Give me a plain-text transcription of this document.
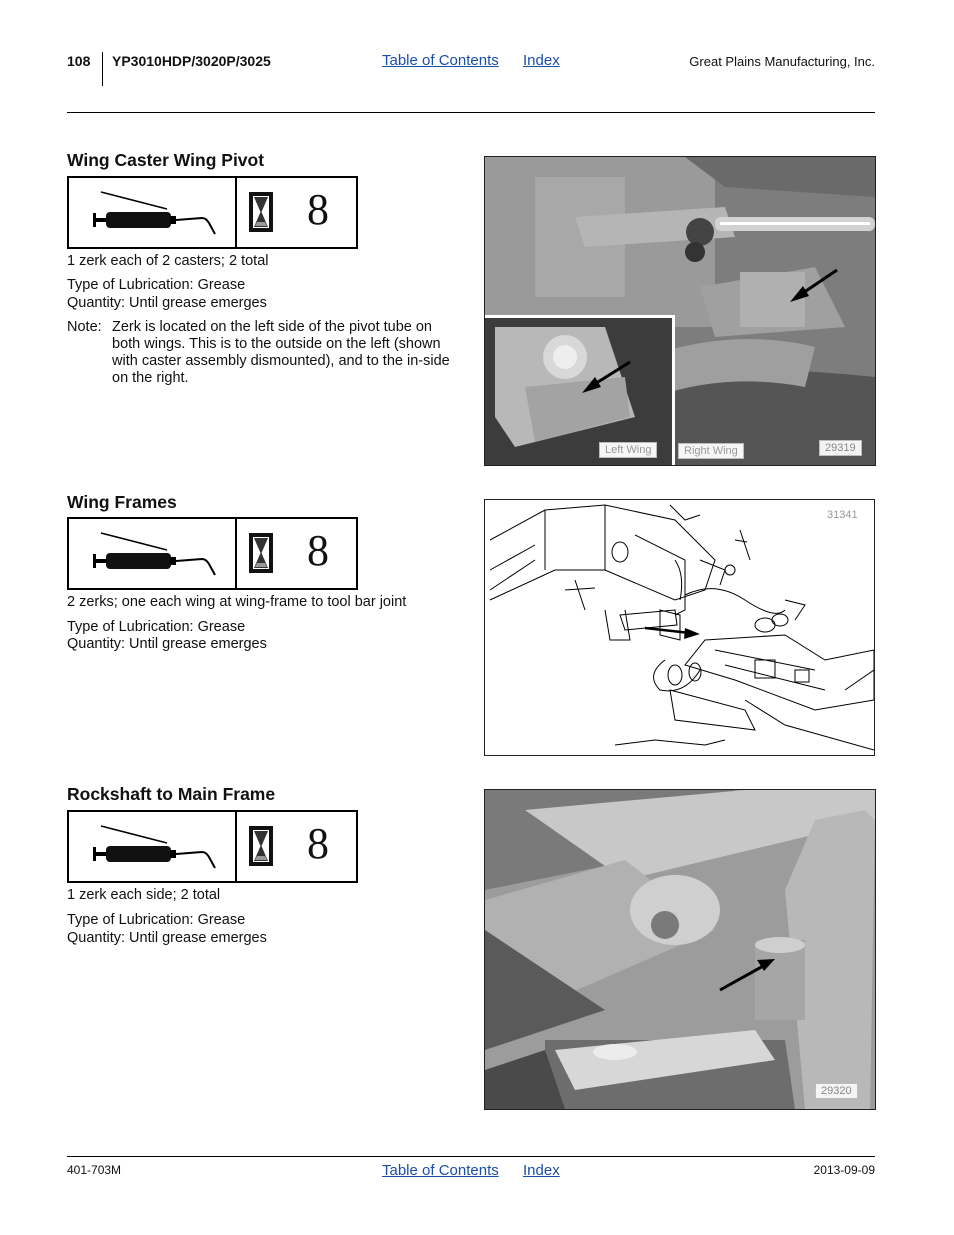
108 YP3010HDP/3020P/3025	Table of Contents Index	Great Plains Manufacturing, Inc.
Wing Caster Wing Pivot
8
1 zerk each of 2 casters; 2 total
Type of Lubrication: Grease
Quantity: Until grease emerges
Note: Zerk is located on the left side of the pivot tube on both wings. This is to the outside on the left (shown with caster assembly dismounted), and to the in-side on the right.
Left Wing	Right Wing	29319
Wing Frames
8
2 zerks; one each wing at wing-frame to tool bar joint
Type of Lubrication: Grease
Quantity: Until grease emerges
31341
Rockshaft to Main Frame
8
1 zerk each side; 2 total
Type of Lubrication: Grease
Quantity: Until grease emerges
29320
401-703M	Table of Contents Index	2013-09-09
